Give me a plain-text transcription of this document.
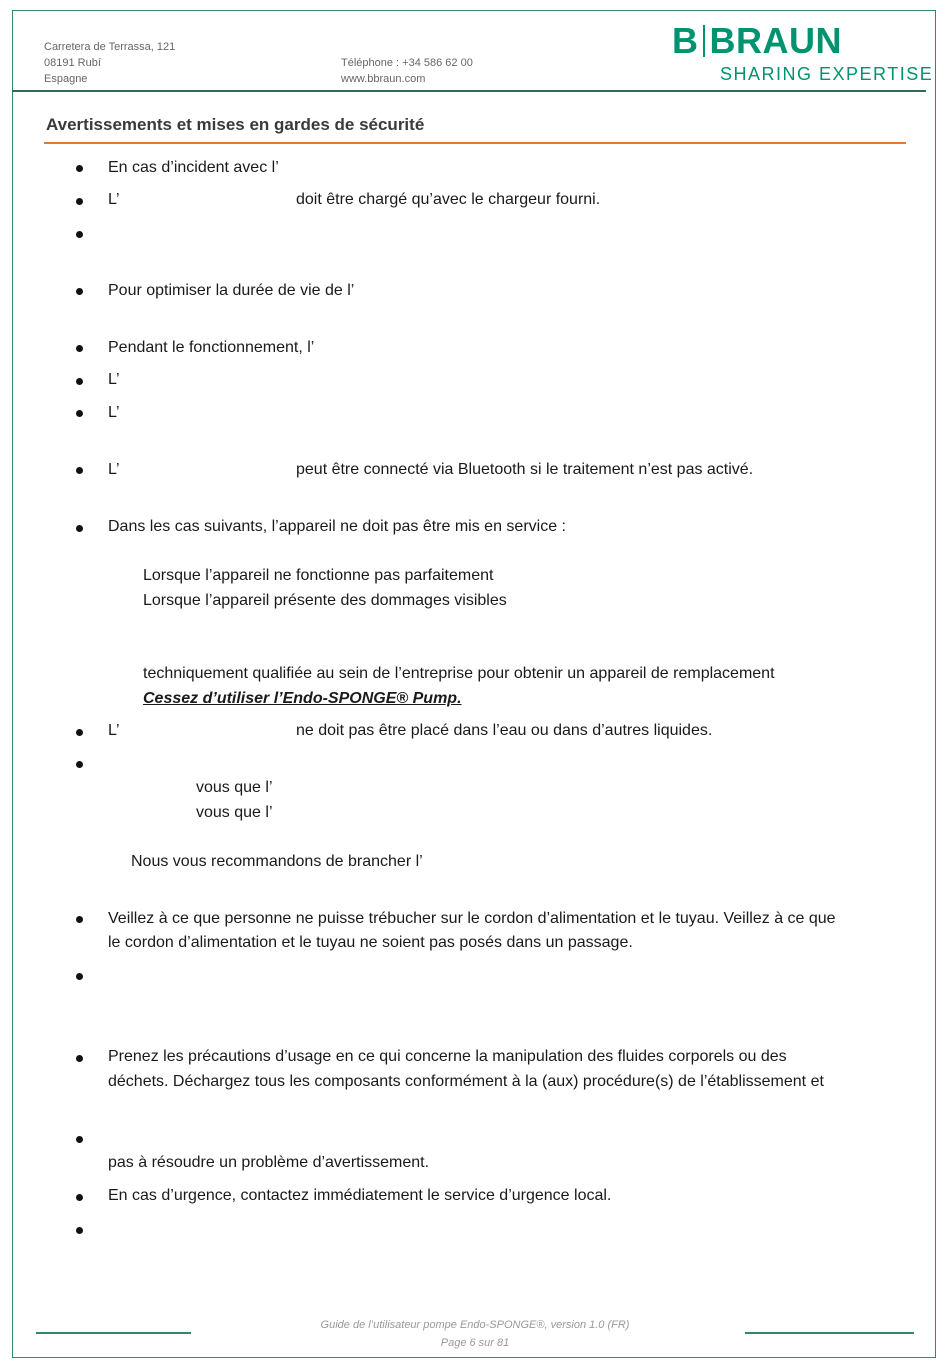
Carretera de Terrassa, 121
08191 Rubí
Espagne
Téléphone : +34 586 62 00
www.bbraun.com
B BRAUN
SHARING EXPERTISE
Avertissements et mises en gardes de sécurité
En cas d’incident avec l’
L’	doit être chargé qu’avec le chargeur fourni.
Pour optimiser la durée de vie de l’
Pendant le fonctionnement, l’
L’
L’
L’	peut être connecté via Bluetooth si le traitement n’est pas activé.
Dans les cas suivants, l’appareil ne doit pas être mis en service :
Lorsque l’appareil ne fonctionne pas parfaitement
Lorsque l’appareil présente des dommages visibles
techniquement qualifiée au sein de l’entreprise pour obtenir un appareil de remplacement
Cessez d’utiliser l’Endo-SPONGE® Pump.
L’	ne doit pas être placé dans l’eau ou dans d’autres liquides.
vous que l’
vous que l’
Nous vous recommandons de brancher l’
Veillez à ce que personne ne puisse trébucher sur le cordon d’alimentation et le tuyau. Veillez à ce que
le cordon d’alimentation et le tuyau ne soient pas posés dans un passage.
Prenez les précautions d’usage en ce qui concerne la manipulation des fluides corporels ou des
déchets. Déchargez tous les composants conformément à la (aux) procédure(s) de l’établissement et
pas à résoudre un problème d’avertissement.
En cas d’urgence, contactez immédiatement le service d’urgence local.
Guide de l’utilisateur pompe Endo-SPONGE®, version 1.0 (FR)
Page 6 sur 81
